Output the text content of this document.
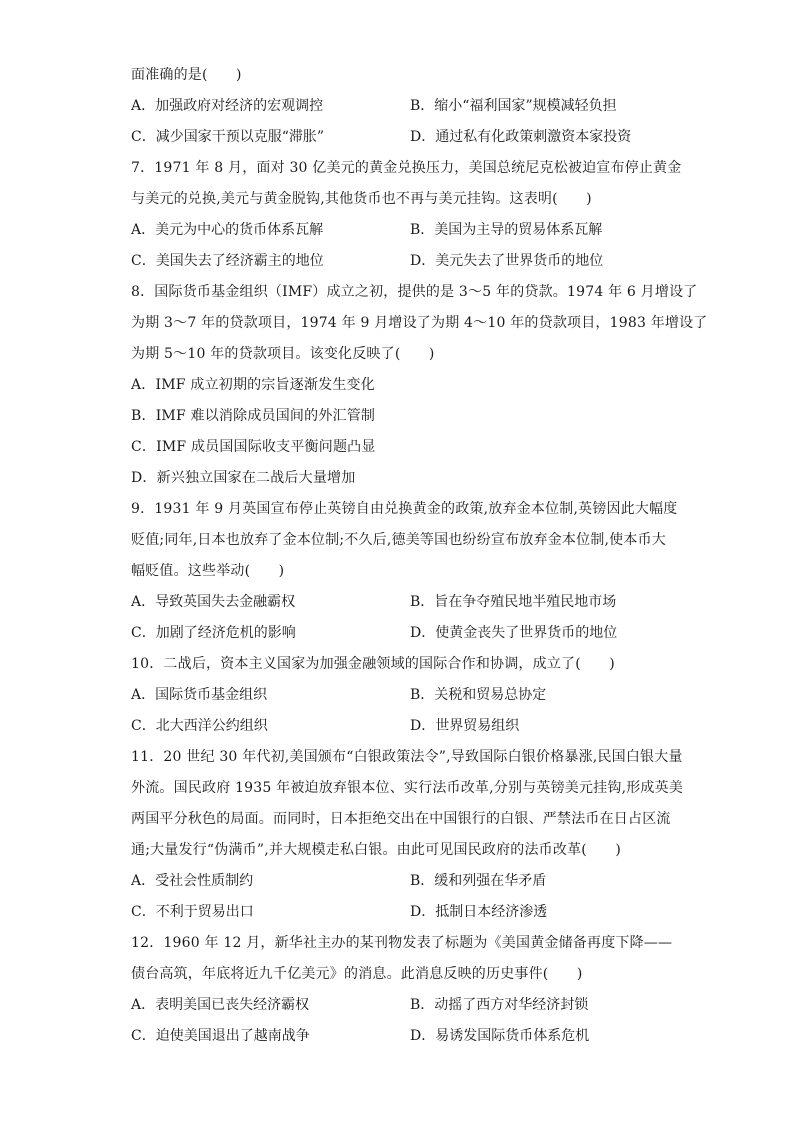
面准确的是(　　)
A．加强政府对经济的宏观调控	B．缩小“福利国家”规模减轻负担
C．减少国家干预以克服“滞胀”	D．通过私有化政策刺激资本家投资
7．1971 年 8 月，面对 30 亿美元的黄金兑换压力，美国总统尼克松被迫宣布停止黄金
与美元的兑换,美元与黄金脱钩,其他货币也不再与美元挂钩。这表明(　　)
A．美元为中心的货币体系瓦解	B．美国为主导的贸易体系瓦解
C．美国失去了经济霸主的地位	D．美元失去了世界货币的地位
8．国际货币基金组织（IMF）成立之初，提供的是 3～5 年的贷款。1974 年 6 月增设了
为期 3～7 年的贷款项目，1974 年 9 月增设了为期 4～10 年的贷款项目，1983 年增设了
为期 5～10 年的贷款项目。该变化反映了(　　)
A．IMF 成立初期的宗旨逐渐发生变化
B．IMF 难以消除成员国间的外汇管制
C．IMF 成员国国际收支平衡问题凸显
D．新兴独立国家在二战后大量增加
9．1931 年 9 月英国宣布停止英镑自由兑换黄金的政策,放弃金本位制,英镑因此大幅度
贬值;同年,日本也放弃了金本位制;不久后,德美等国也纷纷宣布放弃金本位制,使本币大
幅贬值。这些举动(　　)
A．导致英国失去金融霸权	B．旨在争夺殖民地半殖民地市场
C．加剧了经济危机的影响	D．使黄金丧失了世界货币的地位
10．二战后，资本主义国家为加强金融领域的国际合作和协调，成立了(　　)
A．国际货币基金组织	B．关税和贸易总协定
C．北大西洋公约组织	D．世界贸易组织
11．20 世纪 30 年代初,美国颁布“白银政策法令”,导致国际白银价格暴涨,民国白银大量
外流。国民政府 1935 年被迫放弃银本位、实行法币改革,分别与英镑美元挂钩,形成英美
两国平分秋色的局面。而同时，日本拒绝交出在中国银行的白银、严禁法币在日占区流
通;大量发行“伪满币”,并大规模走私白银。由此可见国民政府的法币改革(　　)
A．受社会性质制约	B．缓和列强在华矛盾
C．不利于贸易出口	D．抵制日本经济渗透
12．1960 年 12 月，新华社主办的某刊物发表了标题为《美国黄金储备再度下降——
债台高筑，年底将近九千亿美元》的消息。此消息反映的历史事件(　　)
A．表明美国已丧失经济霸权	B．动摇了西方对华经济封锁
C．迫使美国退出了越南战争	D．易诱发国际货币体系危机
